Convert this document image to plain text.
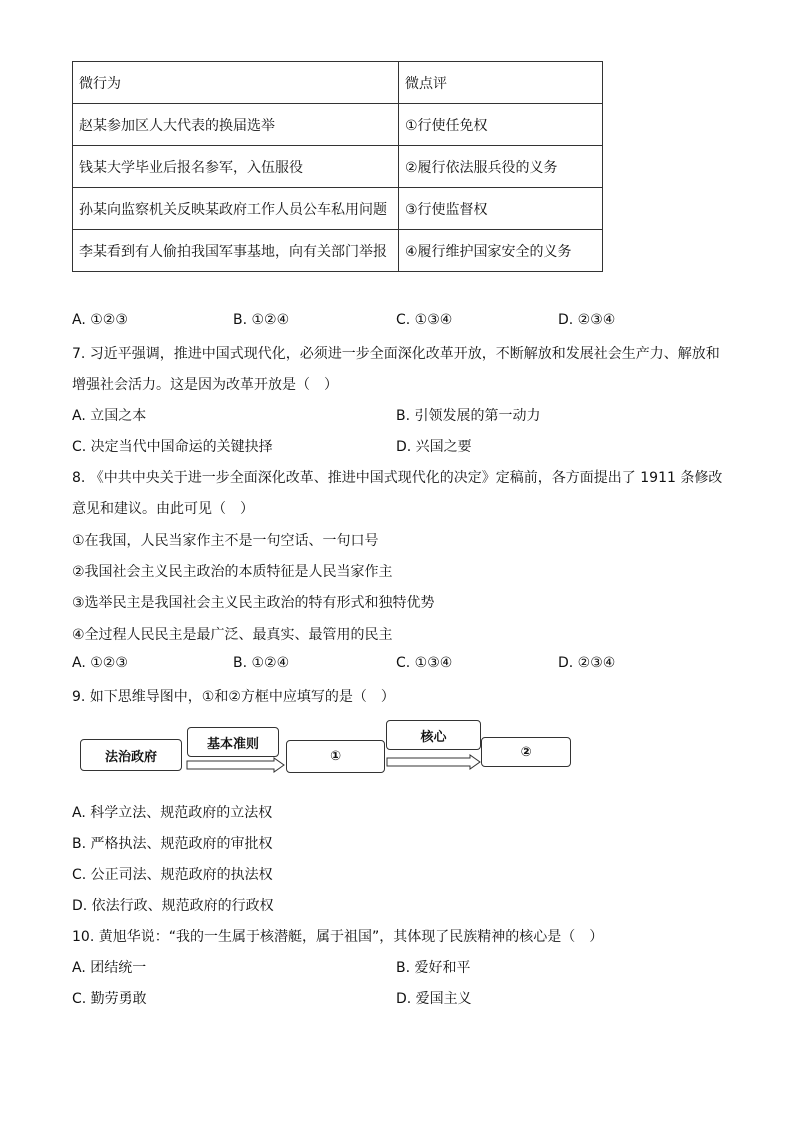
微行为	微点评
赵某参加区人大代表的换届选举	①行使任免权
钱某大学毕业后报名参军，入伍服役	②履行依法服兵役的义务
孙某向监察机关反映某政府工作人员公车私用问题	③行使监督权
李某看到有人偷拍我国军事基地，向有关部门举报	④履行维护国家安全的义务
A. ①②③	B. ①②④	C. ①③④	D. ②③④
7. 习近平强调，推进中国式现代化，必须进一步全面深化改革开放，不断解放和发展社会生产力、解放和
增强社会活力。这是因为改革开放是（　）
A. 立国之本	B. 引领发展的第一动力
C. 决定当代中国命运的关键抉择	D. 兴国之要
8. 《中共中央关于进一步全面深化改革、推进中国式现代化的决定》定稿前，各方面提出了 1911 条修改
意见和建议。由此可见（　）
①在我国，人民当家作主不是一句空话、一句口号
②我国社会主义民主政治的本质特征是人民当家作主
③选举民主是我国社会主义民主政治的特有形式和独特优势
④全过程人民民主是最广泛、最真实、最管用的民主
A. ①②③	B. ①②④	C. ①③④	D. ②③④
9. 如下思维导图中，①和②方框中应填写的是（　）
法治政府
基本准则
①
核心
②
A. 科学立法、规范政府的立法权
B. 严格执法、规范政府的审批权
C. 公正司法、规范政府的执法权
D. 依法行政、规范政府的行政权
10. 黄旭华说：“我的一生属于核潜艇，属于祖国”，其体现了民族精神的核心是（　）
A. 团结统一	B. 爱好和平
C. 勤劳勇敢	D. 爱国主义
